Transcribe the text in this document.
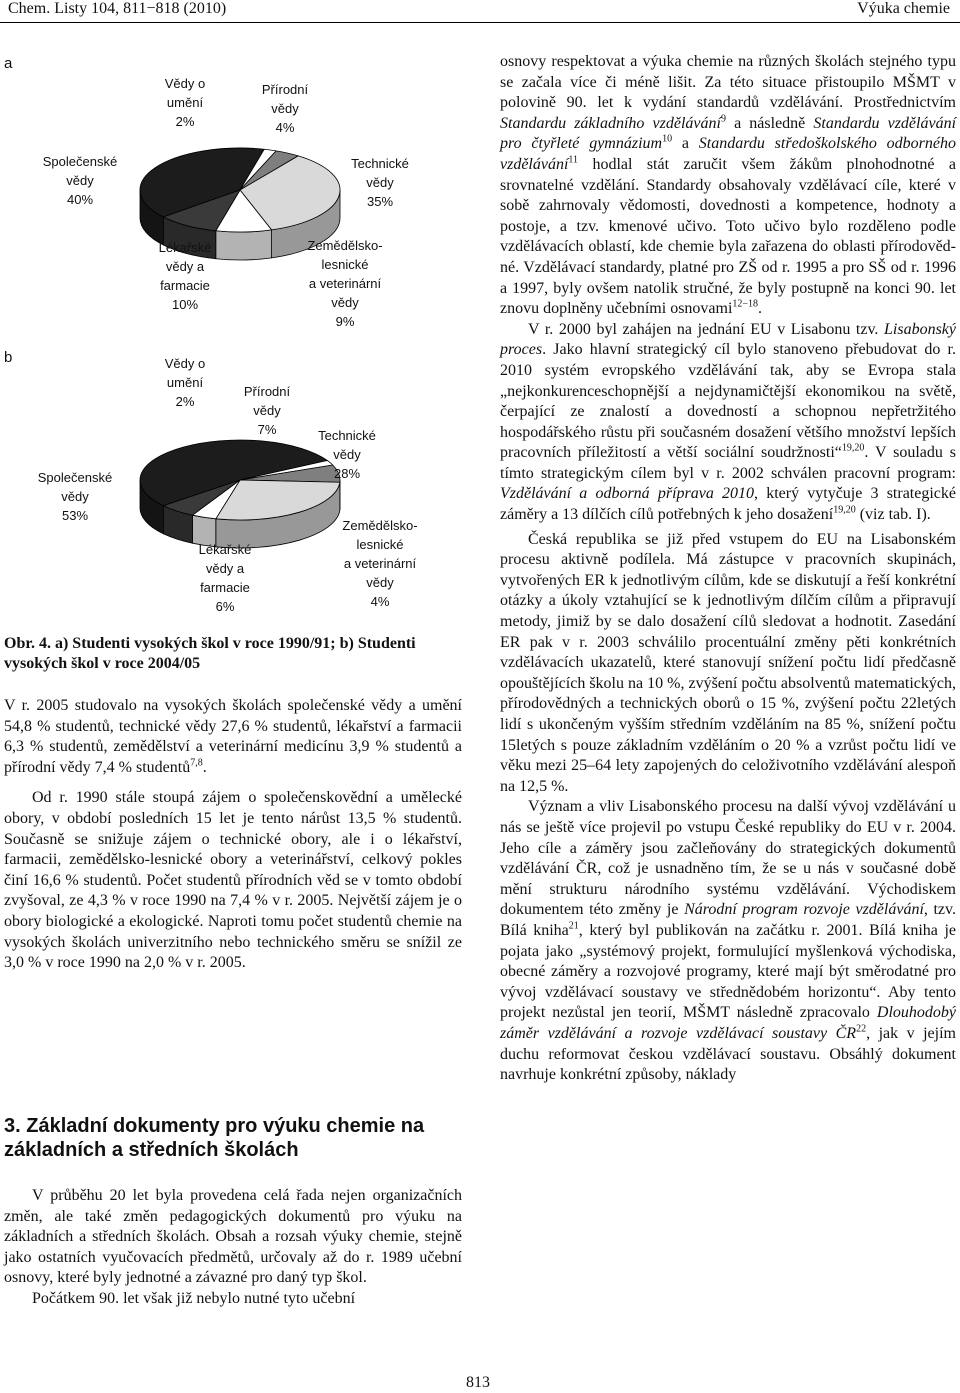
Chem. Listy 104, 811−818 (2010)	Výuka chemie
a
b
Společenské
vědy
40%
Vědy o
umění
2%
Přírodní
vědy
4%
Technické
vědy
35%
Zemědělsko-
lesnické
a veterinární
vědy
9%
Lékařské
vědy a
farmacie
10%
Společenské
vědy
53%
Vědy o
umění
2%
Přírodní
vědy
7%	Technické
vědy
28%
Zemědělsko-
lesnické
a veterinární
vědy
4%
Lékařské
vědy a
farmacie
6%
Obr. 4. a) Studenti vysokých škol v roce 1990/91; b) Studenti vysokých škol v roce 2004/05

V r. 2005 studovalo na vysokých školách společenské vědy a umění 54,8 % studentů, technické vědy 27,6 % studentů, lékařství a farmacii 6,3 % studentů, zemědělství a veterinární medicínu 3,9 % studentů a přírodní vědy 7,4 % studentů$^{7,8}$.

Od r. 1990 stále stoupá zájem o společenskovědní a umělecké obory, v období posledních 15 let je tento nárůst 13,5 % studentů. Současně se snižuje zájem o technické obory, ale i o lékařství, farmacii, zemědělsko-lesnické obory a veterinářství, celkový pokles činí 16,6 % studentů. Počet studentů přírodních věd se v tomto období zvyšoval, ze 4,3 % v roce 1990 na 7,4 % v r. 2005. Největší zájem je o obory biologické a ekologické. Naproti tomu počet studentů chemie na vysokých školách univerzitního nebo technického směru se snížil ze 3,0 % v roce 1990 na 2,0 % v r. 2005.

3. Základní dokumenty pro výuku chemie na základních a středních školách

V průběhu 20 let byla provedena celá řada nejen organizačních změn, ale také změn pedagogických dokumentů pro výuku na základních a středních školách. Obsah a rozsah výuky chemie, stejně jako ostatních vyučovacích předmětů, určovaly až do r. 1989 učební osnovy, které byly jednotné a závazné pro daný typ škol.

Počátkem 90. let však již nebylo nutné tyto učební

osnovy respektovat a výuka chemie na různých školách stejného typu se začala více či méně lišit. Za této situace přistoupilo MŠMT v polovině 90. let k vydání standardů vzdělávání. Prostřednictvím Standardu základního vzdělávání$^9$ a následně Standardu vzdělávání pro čtyřleté gymnázium$^{10}$ a Standardu středoškolského odborného vzdělávání$^{11}$ hodlal stát zaručit všem žákům plnohodnotné a srovnatelné vzdělání. Standardy obsahovaly vzdělávací cíle, které v sobě zahrnovaly vědomosti, dovednosti a kompetence, hodnoty a postoje, a tzv. kmenové učivo. Toto učivo bylo rozděleno podle vzdělávacích oblastí, kde chemie byla zařazena do oblasti přírodovědné. Vzdělávací standardy, platné pro ZŠ od r. 1995 a pro SŠ od r. 1996 a 1997, byly ovšem natolik stručné, že byly postupně na konci 90. let znovu doplněny učebními osnovami$^{12-18}$.

V r. 2000 byl zahájen na jednání EU v Lisabonu tzv. Lisabonský proces. Jako hlavní strategický cíl bylo stanoveno přebudovat do r. 2010 systém evropského vzdělávání tak, aby se Evropa stala „nejkonkurenceschopnější a nejdynamičtější ekonomikou na světě, čerpající ze znalostí a dovedností a schopnou nepřetržitého hospodářského růstu při současném dosažení většího množství lepších pracovních příležitostí a větší sociální soudržnosti“$^{19,20}$. V souladu s tímto strategickým cílem byl v r. 2002 schválen pracovní program: Vzdělávání a odborná příprava 2010, který vytyčuje 3 strategické záměry a 13 dílčích cílů potřebných k jeho dosažení$^{19,20}$ (viz tab. I).

Česká republika se již před vstupem do EU na Lisabonském procesu aktivně podílela. Má zástupce v pracovních skupinách, vytvořených ER k jednotlivým cílům, kde se diskutují a řeší konkrétní otázky a úkoly vztahující se k jednotlivým dílčím cílům a připravují metody, jimiž by se dalo dosažení cílů sledovat a hodnotit. Zasedání ER pak v r. 2003 schválilo procentuální změny pěti konkrétních vzdělávacích ukazatelů, které stanovují snížení počtu lidí předčasně opouštějících školu na 10 %, zvýšení počtu absolventů matematických, přírodovědných a technických oborů o 15 %, zvýšení počtu 22letých lidí s ukončeným vyšším středním vzděláním na 85 %, snížení počtu 15letých s pouze základním vzděláním o 20 % a vzrůst počtu lidí ve věku mezi 25–64 lety zapojených do celoživotního vzdělávání alespoň na 12,5 %.

Význam a vliv Lisabonského procesu na další vývoj vzdělávání u nás se ještě více projevil po vstupu České republiky do EU v r. 2004. Jeho cíle a záměry jsou začleňovány do strategických dokumentů vzdělávání ČR, což je usnadněno tím, že se u nás v současné době mění strukturu národního systému vzdělávání. Východiskem dokumentem této změny je Národní program rozvoje vzdělávání, tzv. Bílá kniha$^{21}$, který byl publikován na začátku r. 2001. Bílá kniha je pojata jako „systémový projekt, formulující myšlenková východiska, obecné záměry a rozvojové programy, které mají být směrodatné pro vývoj vzdělávací soustavy ve střednědobém horizontu“. Aby tento projekt nezůstal jen teorií, MŠMT následně zpracovalo Dlouhodobý záměr vzdělávání a rozvoje vzdělávací soustavy ČR$^{22}$, jak v jejím duchu reformovat českou vzdělávací soustavu. Obsáhlý dokument navrhuje konkrétní způsoby, náklady

813
